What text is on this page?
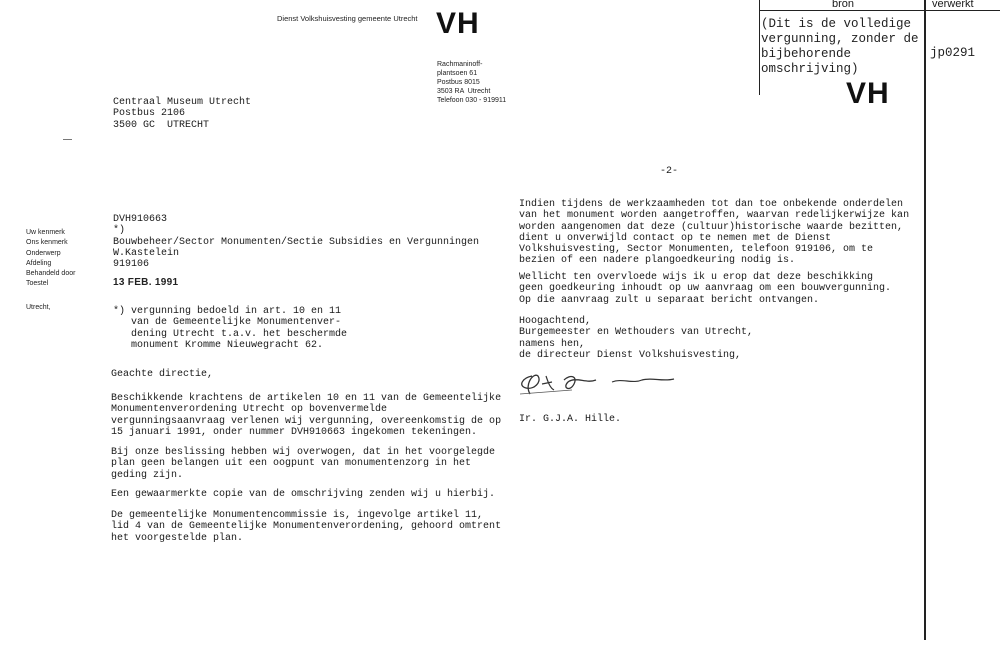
Dienst Volkshuisvesting gemeente Utrecht VH
Rachmaninoff-
plantsoen 61
Postbus 8015
3503 RA  Utrecht
Telefoon 030 - 919911
bron	verwerkt
(Dit is de volledige
vergunning, zonder de
bijbehorende
omschrijving)
VH
jp0291
Centraal Museum Utrecht
Postbus 2106
3500 GC  UTRECHT
Uw kenmerk
Ons kenmerk
Onderwerp
Afdeling
Behandeld door
Toestel
Utrecht,
DVH910663
*)
Bouwbeheer/Sector Monumenten/Sectie Subsidies en Vergunningen
W.Kastelein
919106
13 FEB. 1991
*) vergunning bedoeld in art. 10 en 11
van de Gemeentelijke Monumentenver-
dening Utrecht t.a.v. het beschermde
monument Kromme Nieuwegracht 62.
Geachte directie,
Beschikkende krachtens de artikelen 10 en 11 van de Gemeentelijke
Monumentenverordening Utrecht op bovenvermelde
vergunningsaanvraag verlenen wij vergunning, overeenkomstig de op
15 januari 1991, onder nummer DVH910663 ingekomen tekeningen.
Bij onze beslissing hebben wij overwogen, dat in het voorgelegde
plan geen belangen uit een oogpunt van monumentenzorg in het
geding zijn.
Een gewaarmerkte copie van de omschrijving zenden wij u hierbij.
De gemeentelijke Monumentencommissie is, ingevolge artikel 11,
lid 4 van de Gemeentelijke Monumentenverordening, gehoord omtrent
het voorgestelde plan.
-2-
Indien tijdens de werkzaamheden tot dan toe onbekende onderdelen
van het monument worden aangetroffen, waarvan redelijkerwijze kan
worden aangenomen dat deze (cultuur)historische waarde bezitten,
dient u onverwijld contact op te nemen met de Dienst
Volkshuisvesting, Sector Monumenten, telefoon 919106, om te
bezien of een nadere plangoedkeuring nodig is.
Wellicht ten overvloede wijs ik u erop dat deze beschikking
geen goedkeuring inhoudt op uw aanvraag om een bouwvergunning.
Op die aanvraag zult u separaat bericht ontvangen.
Hoogachtend,
Burgemeester en Wethouders van Utrecht,
namens hen,
de directeur Dienst Volkshuisvesting,
Ir. G.J.A. Hille.
